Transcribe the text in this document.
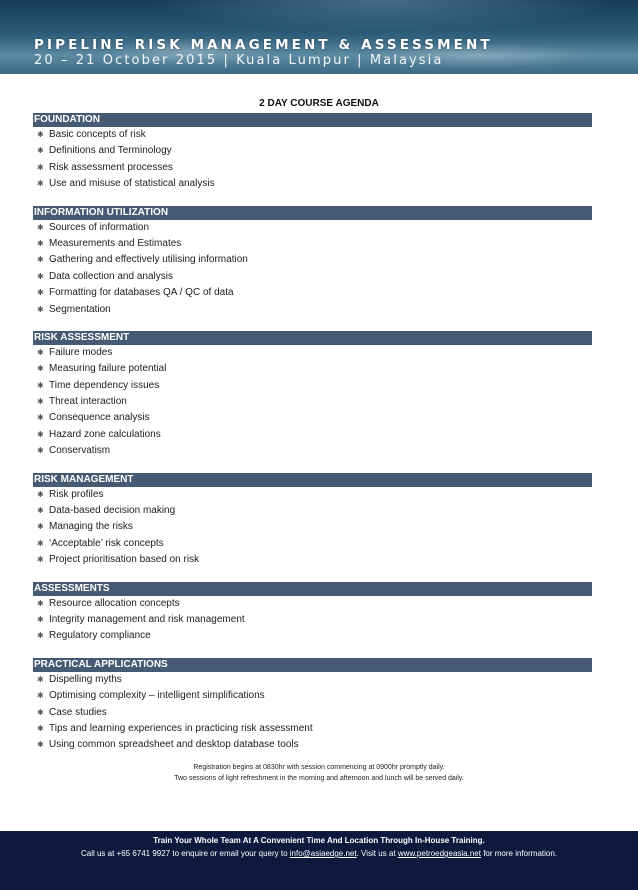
PIPELINE RISK MANAGEMENT & ASSESSMENT
20 – 21 October 2015 | Kuala Lumpur | Malaysia
2 DAY COURSE AGENDA
FOUNDATION
✱ Basic concepts of risk
✱ Definitions and Terminology
✱ Risk assessment processes
✱ Use and misuse of statistical analysis
INFORMATION UTILIZATION
✱ Sources of information
✱ Measurements and Estimates
✱ Gathering and effectively utilising information
✱ Data collection and analysis
✱ Formatting for databases QA / QC of data
✱ Segmentation
RISK ASSESSMENT
✱ Failure modes
✱ Measuring failure potential
✱ Time dependency issues
✱ Threat interaction
✱ Consequence analysis
✱ Hazard zone calculations
✱ Conservatism
RISK MANAGEMENT
✱ Risk profiles
✱ Data-based decision making
✱ Managing the risks
✱ ‘Acceptable’ risk concepts
✱ Project prioritisation based on risk
ASSESSMENTS
✱ Resource allocation concepts
✱ Integrity management and risk management
✱ Regulatory compliance
PRACTICAL APPLICATIONS
✱ Dispelling myths
✱ Optimising complexity – intelligent simplifications
✱ Case studies
✱ Tips and learning experiences in practicing risk assessment
✱ Using common spreadsheet and desktop database tools
Registration begins at 0830hr with session commencing at 0900hr promptly daily.
Two sessions of light refreshment in the morning and afternoon and lunch will be served daily.
Train Your Whole Team At A Convenient Time And Location Through In-House Training.
Call us at +65 6741 9927 to enquire or email your query to info@asiaedge.net. Visit us at www.petroedgeasia.net for more information.
